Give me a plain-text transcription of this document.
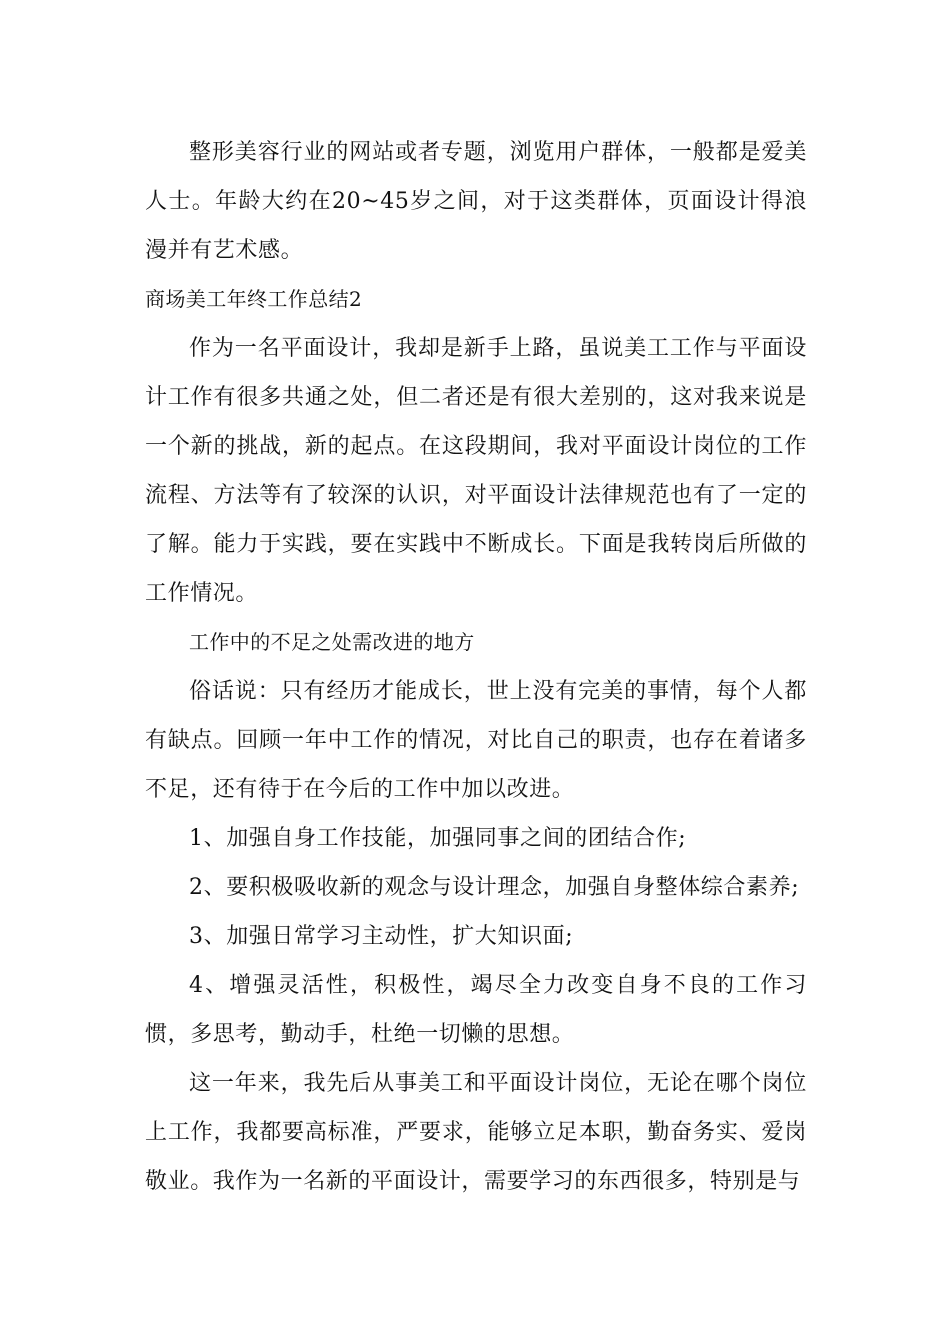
整形美容行业的网站或者专题，浏览用户群体，一般都是爱美人士。年龄大约在20~45岁之间，对于这类群体，页面设计得浪漫并有艺术感。

商场美工年终工作总结2

作为一名平面设计，我却是新手上路，虽说美工工作与平面设计工作有很多共通之处，但二者还是有很大差别的，这对我来说是一个新的挑战，新的起点。在这段期间，我对平面设计岗位的工作流程、方法等有了较深的认识，对平面设计法律规范也有了一定的了解。能力于实践，要在实践中不断成长。下面是我转岗后所做的工作情况。

工作中的不足之处需改进的地方

俗话说：只有经历才能成长，世上没有完美的事情，每个人都有缺点。回顾一年中工作的情况，对比自己的职责，也存在着诸多不足，还有待于在今后的工作中加以改进。

1、加强自身工作技能，加强同事之间的团结合作;

2、要积极吸收新的观念与设计理念，加强自身整体综合素养;

3、加强日常学习主动性，扩大知识面;

4、增强灵活性，积极性，竭尽全力改变自身不良的工作习惯，多思考，勤动手，杜绝一切懒的思想。

这一年来，我先后从事美工和平面设计岗位，无论在哪个岗位上工作，我都要高标准，严要求，能够立足本职，勤奋务实、爱岗敬业。我作为一名新的平面设计，需要学习的东西很多，特别是与
